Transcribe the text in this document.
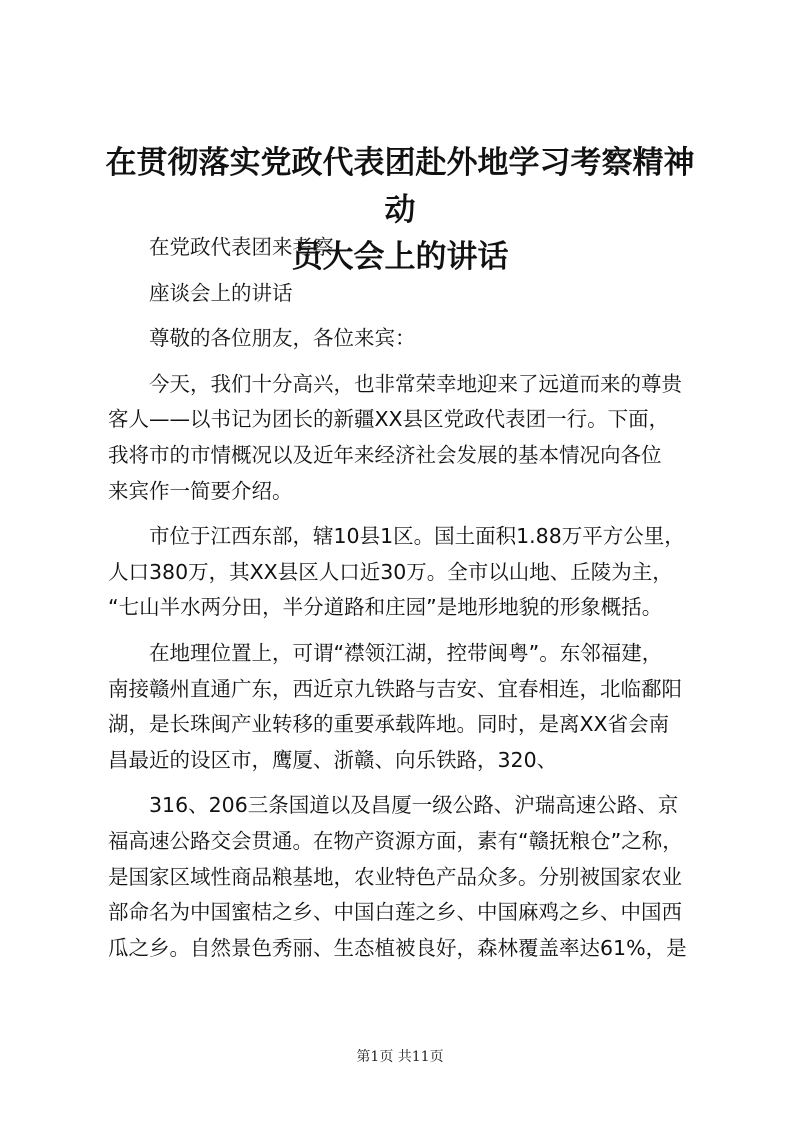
在贯彻落实党政代表团赴外地学习考察精神动
员大会上的讲话

在党政代表团来考察

座谈会上的讲话

尊敬的各位朋友，各位来宾：

今天，我们十分高兴，也非常荣幸地迎来了远道而来的尊贵
客人——以书记为团长的新疆XX县区党政代表团一行。下面，
我将市的市情概况以及近年来经济社会发展的基本情况向各位
来宾作一简要介绍。

市位于江西东部，辖10县1区。国土面积1.88万平方公里，
人口380万，其XX县区人口近30万。全市以山地、丘陵为主，
“七山半水两分田，半分道路和庄园”是地形地貌的形象概括。

在地理位置上，可谓“襟领江湖，控带闽粤”。东邻福建，
南接赣州直通广东，西近京九铁路与吉安、宜春相连，北临鄱阳
湖，是长珠闽产业转移的重要承载阵地。同时，是离XX省会南
昌最近的设区市，鹰厦、浙赣、向乐铁路，320、

316、206三条国道以及昌厦一级公路、沪瑞高速公路、京
福高速公路交会贯通。在物产资源方面，素有“赣抚粮仓”之称，
是国家区域性商品粮基地，农业特色产品众多。分别被国家农业
部命名为中国蜜桔之乡、中国白莲之乡、中国麻鸡之乡、中国西
瓜之乡。自然景色秀丽、生态植被良好，森林覆盖率达61%，是

第1页 共11页
